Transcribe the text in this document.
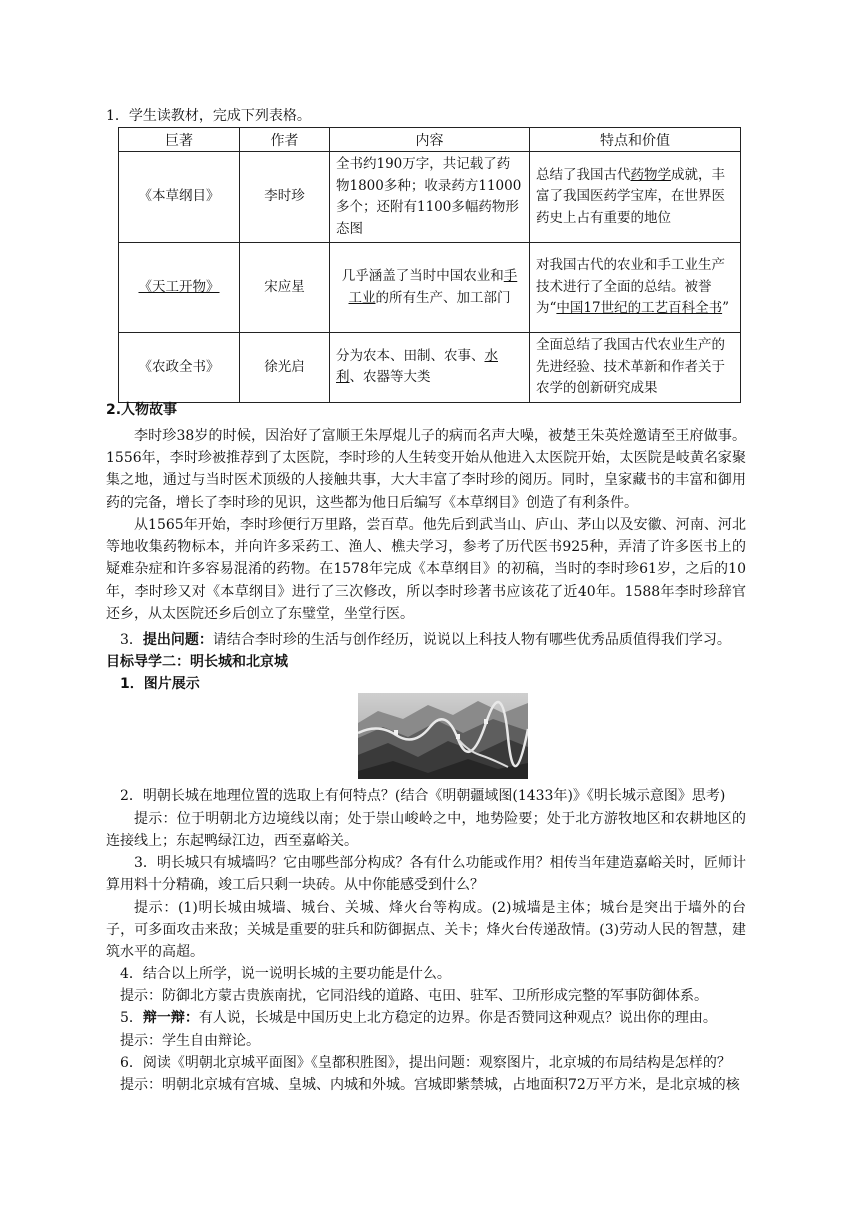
1．学生读教材，完成下列表格。
巨著	作者	内容	特点和价值
《本草纲目》	李时珍	全书约190万字，共记载了药物1800多种；收录药方11000多个；还附有1100多幅药物形态图	总结了我国古代药物学成就，丰富了我国医药学宝库，在世界医药史上占有重要的地位
《天工开物》	宋应星	几乎涵盖了当时中国农业和手工业的所有生产、加工部门	对我国古代的农业和手工业生产技术进行了全面的总结。被誉为“中国17世纪的工艺百科全书”
《农政全书》	徐光启	分为农本、田制、农事、水利、农器等大类	全面总结了我国古代农业生产的先进经验、技术革新和作者关于农学的创新研究成果
2.人物故事
李时珍38岁的时候，因治好了富顺王朱厚焜儿子的病而名声大噪，被楚王朱英烇邀请至王府做事。1556年，李时珍被推荐到了太医院，李时珍的人生转变开始从他进入太医院开始，太医院是岐黄名家聚集之地，通过与当时医术顶级的人接触共事，大大丰富了李时珍的阅历。同时，皇家藏书的丰富和御用药的完备，增长了李时珍的见识，这些都为他日后编写《本草纲目》创造了有利条件。
从1565年开始，李时珍便行万里路，尝百草。他先后到武当山、庐山、茅山以及安徽、河南、河北等地收集药物标本，并向许多采药工、渔人、樵夫学习，参考了历代医书925种，弄清了许多医书上的疑难杂症和许多容易混淆的药物。在1578年完成《本草纲目》的初稿，当时的李时珍61岁，之后的10年，李时珍又对《本草纲目》进行了三次修改，所以李时珍著书应该花了近40年。1588年李时珍辞官还乡，从太医院还乡后创立了东璧堂，坐堂行医。
3．提出问题：请结合李时珍的生活与创作经历，说说以上科技人物有哪些优秀品质值得我们学习。
目标导学二：明长城和北京城
1．图片展示
2．明朝长城在地理位置的选取上有何特点？(结合《明朝疆域图(1433年)》《明长城示意图》思考)
提示：位于明朝北方边境线以南；处于崇山峻岭之中，地势险要；处于北方游牧地区和农耕地区的连接线上；东起鸭绿江边，西至嘉峪关。
3．明长城只有城墙吗？它由哪些部分构成？各有什么功能或作用？相传当年建造嘉峪关时，匠师计算用料十分精确，竣工后只剩一块砖。从中你能感受到什么？
提示：(1)明长城由城墙、城台、关城、烽火台等构成。(2)城墙是主体；城台是突出于墙外的台子，可多面攻击来敌；关城是重要的驻兵和防御据点、关卡；烽火台传递敌情。(3)劳动人民的智慧，建筑水平的高超。
4．结合以上所学，说一说明长城的主要功能是什么。
提示：防御北方蒙古贵族南扰，它同沿线的道路、屯田、驻军、卫所形成完整的军事防御体系。
5．辩一辩：有人说，长城是中国历史上北方稳定的边界。你是否赞同这种观点？说出你的理由。
提示：学生自由辩论。
6．阅读《明朝北京城平面图》《皇都积胜图》，提出问题：观察图片，北京城的布局结构是怎样的？
提示：明朝北京城有宫城、皇城、内城和外城。宫城即紫禁城，占地面积72万平方米，是北京城的核
